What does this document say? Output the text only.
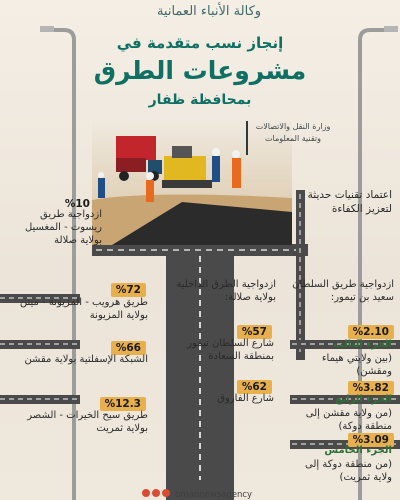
وكالة الأنباء العمانية
إنجاز نسب متقدمة في
مشروعات الطرق
بمحافظة ظفار
وزارة النقل والاتصالات وتقنية المعلومات
اعتماد تقنيات حديثة لتعزيز الكفاءة
%10
ازدواجية طريق ريسوت - المغسيل بولاية صلالة
ازدواجية الطرق الداخلية بولاية صلالة:
ازدواجية طريق السلطان سعيد بن تيمور:
%72
طريق هرويب - المزيونة - ميتن بولاية المزيونة
%57
شارع السلطان تيمور بمنطقة السعادة
%2.10
الجزء الثالث
(بين ولايتي هيماء ومقشن)
%66
الشبكة الإسفلتية بولاية مقشن
%62
شارع الفاروق
%3.82
الجزء الرابع
(من ولاية مقشن إلى منطقة دوكة)
%12.3
طريق سيح الخيرات - الشصر بولاية ثمريت
%3.09
الجزء الخامس
(من منطقة دوكة إلى ولاية ثمريت)
omannewsagency
